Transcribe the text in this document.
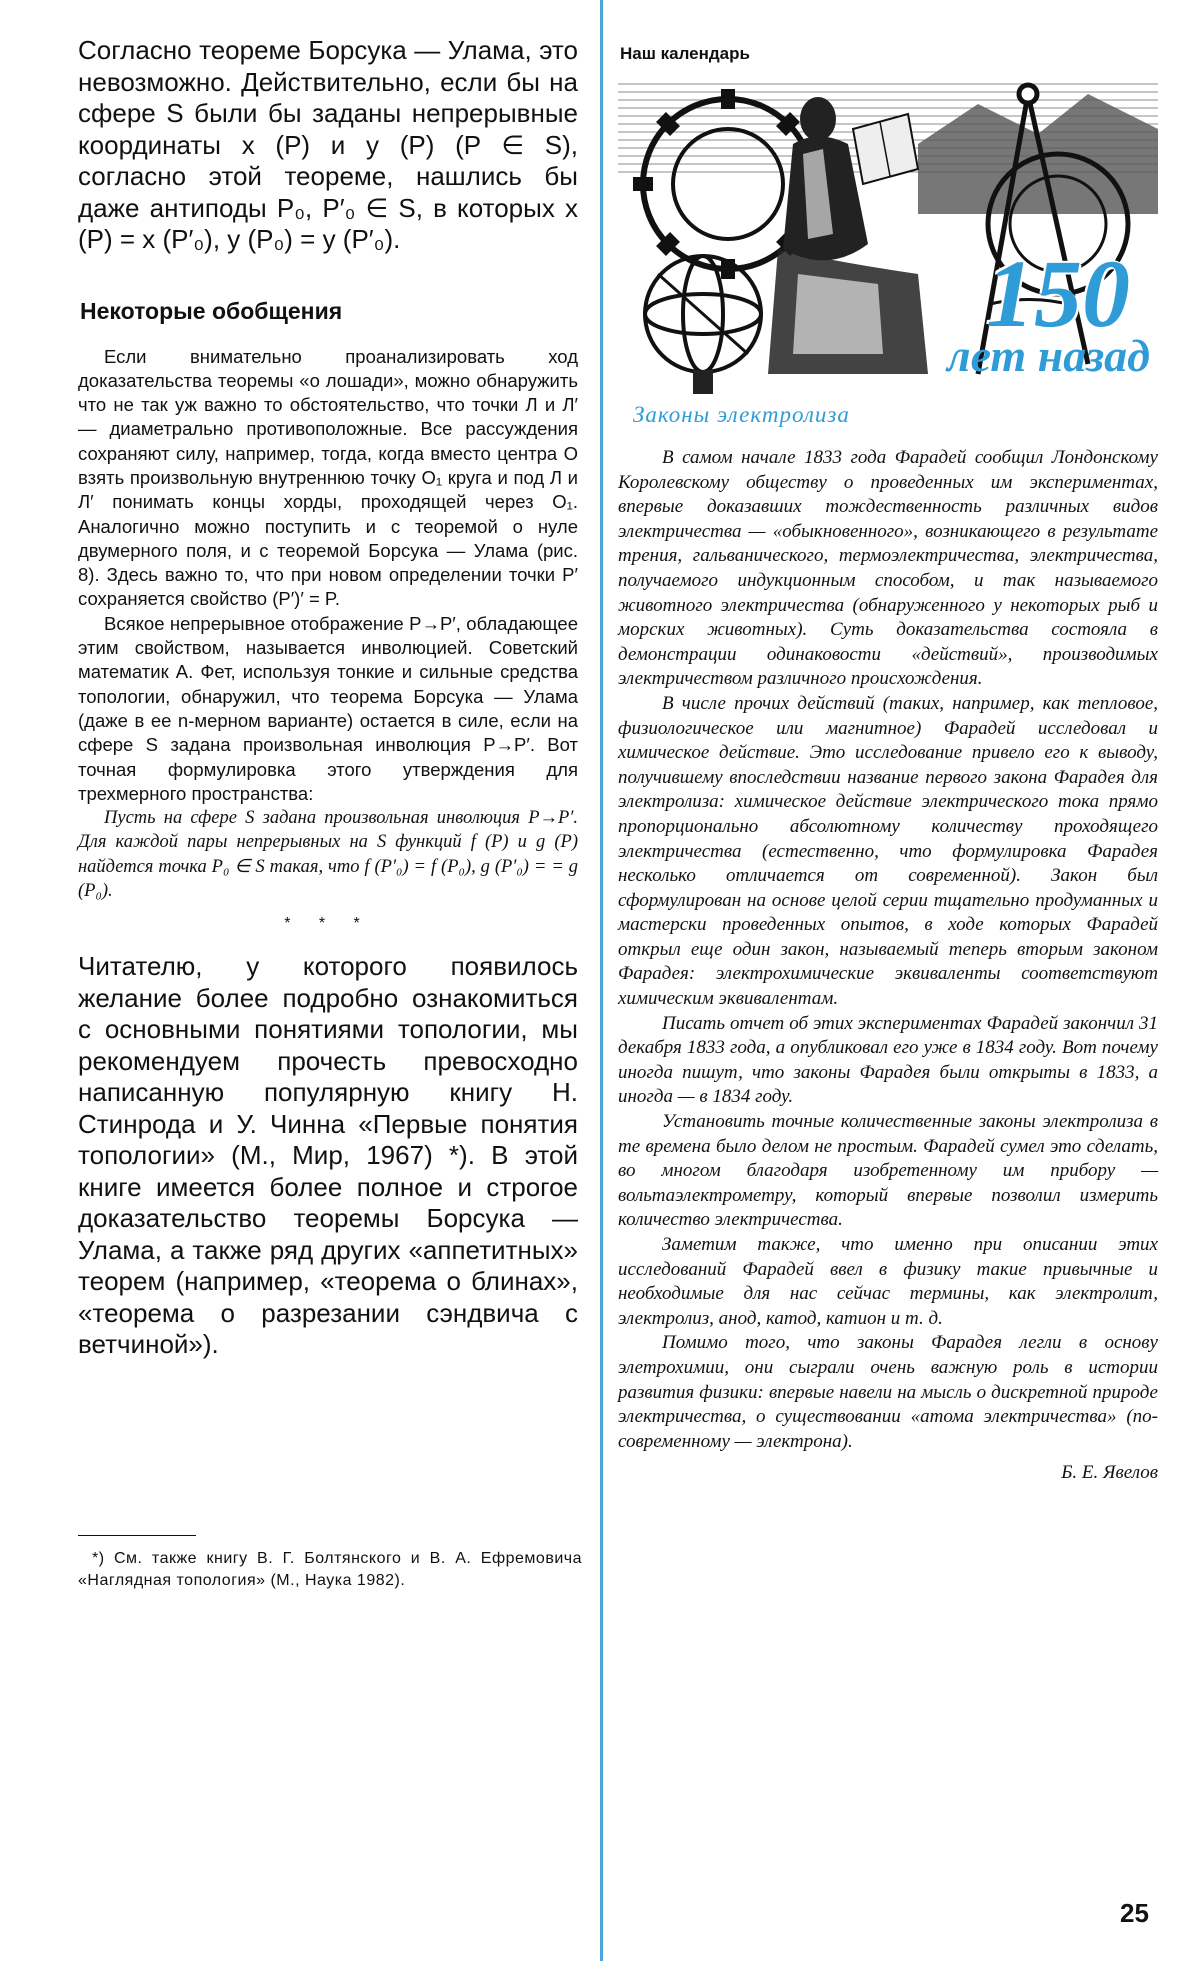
Согласно теореме Борсука — Улама, это невозможно. Действительно, если бы на сфере S были бы заданы непрерывные координаты x (P) и y (P) (P ∈ S), согласно этой теореме, нашлись бы даже антиподы P₀, P′₀ ∈ S, в которых x (P) = x (P′₀), y (P₀) = y (P′₀).

Некоторые обобщения

Если внимательно проанализировать ход доказательства теоремы «о лошади», можно обнаружить что не так уж важно то обстоятельство, что точки Л и Л′ — диаметрально противоположные. Все рассуждения сохраняют силу, например, тогда, когда вместо центра O взять произвольную внутреннюю точку O₁ круга и под Л и Л′ понимать концы хорды, проходящей через O₁. Аналогично можно поступить и с теоремой о нуле двумерного поля, и с теоремой Борсука — Улама (рис. 8). Здесь важно то, что при новом определении точки P′ сохраняется свойство (P′)′ = P.

Всякое непрерывное отображение P→P′, обладающее этим свойством, называется инволюцией. Советский математик А. Фет, используя тонкие и сильные средства топологии, обнаружил, что теорема Борсука — Улама (даже в ее n-мерном варианте) остается в силе, если на сфере S задана произвольная инволюция P→P′. Вот точная формулировка этого утверждения для трехмерного пространства:

Пусть на сфере S задана произвольная инволюция P→P′. Для каждой пары непрерывных на S функций f (P) и g (P) найдется точка P₀ ∈ S такая, что f (P′₀) = f (P₀), g (P′₀) = = g (P₀).

* * *

Читателю, у которого появилось желание более подробно ознакомиться с основными понятиями топологии, мы рекомендуем прочесть превосходно написанную популярную книгу Н. Стинрода и У. Чинна «Первые понятия топологии» (М., Мир, 1967) *). В этой книге имеется более полное и строгое доказательство теоремы Борсука — Улама, а также ряд других «аппетитных» теорем (например, «теорема о блинах», «теорема о разрезании сэндвича с ветчиной»).

*) См. также книгу В. Г. Болтянского и В. А. Ефремовича «Наглядная топология» (М., Наука 1982).
Наш календарь
150
лет назад
Законы электролиза

В самом начале 1833 года Фарадей сообщил Лондонскому Королевскому обществу о проведенных им экспериментах, впервые доказавших тождественность различных видов электричества — «обыкновенного», возникающего в результате трения, гальванического, термоэлектричества, электричества, получаемого индукционным способом, и так называемого животного электричества (обнаруженного у некоторых рыб и морских животных). Суть доказательства состояла в демонстрации одинаковости «действий», производимых электричеством различного происхождения.

В числе прочих действий (таких, например, как тепловое, физиологическое или магнитное) Фарадей исследовал и химическое действие. Это исследование привело его к выводу, получившему впоследствии название первого закона Фарадея для электролиза: химическое действие электрического тока прямо пропорционально абсолютному количеству проходящего электричества (естественно, что формулировка Фарадея несколько отличается от современной). Закон был сформулирован на основе целой серии тщательно продуманных и мастерски проведенных опытов, в ходе которых Фарадей открыл еще один закон, называемый теперь вторым законом Фарадея: электрохимические эквиваленты соответствуют химическим эквивалентам.

Писать отчет об этих экспериментах Фарадей закончил 31 декабря 1833 года, а опубликовал его уже в 1834 году. Вот почему иногда пишут, что законы Фарадея были открыты в 1833, а иногда — в 1834 году.

Установить точные количественные законы электролиза в те времена было делом не простым. Фарадей сумел это сделать, во многом благодаря изобретенному им прибору — вольтаэлектрометру, который впервые позволил измерить количество электричества.

Заметим также, что именно при описании этих исследований Фарадей ввел в физику такие привычные и необходимые для нас сейчас термины, как электролит, электролиз, анод, катод, катион и т. д.

Помимо того, что законы Фарадея легли в основу элетрохимии, они сыграли очень важную роль в истории развития физики: впервые навели на мысль о дискретной природе электричества, о существовании «атома электричества» (по-современному — электрона).

Б. Е. Явелов
25
